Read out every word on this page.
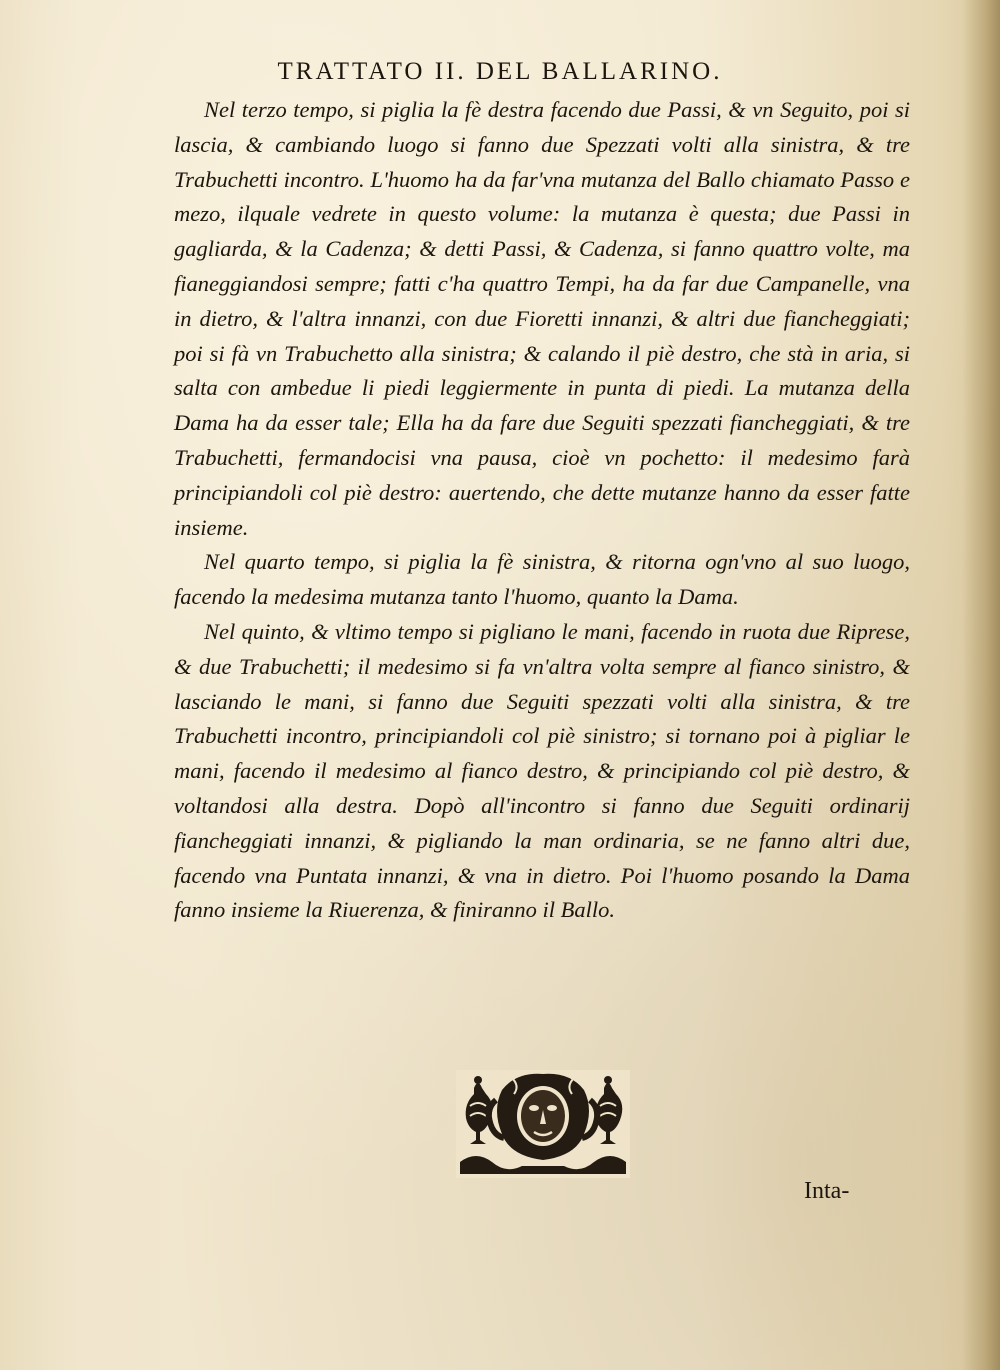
TRATTATO II. DEL BALLARINO.

Nel terzo tempo, si piglia la fè destra facendo due Passi, & vn Seguito, poi si lascia, & cambiando luogo si fanno due Spezzati volti alla sinistra, & tre Trabuchetti incontro. L'huomo ha da far'vna mutanza del Ballo chiamato Passo e mezo, ilquale vedrete in questo volume: la mutanza è questa; due Passi in gagliarda, & la Cadenza; & detti Passi, & Cadenza, si fanno quattro volte, ma fianeggiandosi sempre; fatti c'ha quattro Tempi, ha da far due Campanelle, vna in dietro, & l'altra innanzi, con due Fioretti innanzi, & altri due fiancheggiati; poi si fà vn Trabuchetto alla sinistra; & calando il piè destro, che stà in aria, si salta con ambedue li piedi leggiermente in punta di piedi. La mutanza della Dama ha da esser tale; Ella ha da fare due Seguiti spezzati fiancheggiati, & tre Trabuchetti, fermandocisi vna pausa, cioè vn pochetto: il medesimo farà principiandoli col piè destro: auertendo, che dette mutanze hanno da esser fatte insieme.

Nel quarto tempo, si piglia la fè sinistra, & ritorna ogn'vno al suo luogo, facendo la medesima mutanza tanto l'huomo, quanto la Dama.

Nel quinto, & vltimo tempo si pigliano le mani, facendo in ruota due Riprese, & due Trabuchetti; il medesimo si fa vn'altra volta sempre al fianco sinistro, & lasciando le mani, si fanno due Seguiti spezzati volti alla sinistra, & tre Trabuchetti incontro, principiandoli col piè sinistro; si tornano poi à pigliar le mani, facendo il medesimo al fianco destro, & principiando col piè destro, & voltandosi alla destra. Dopò all'incontro si fanno due Seguiti ordinarij fiancheggiati innanzi, & pigliando la man ordinaria, se ne fanno altri due, facendo vna Puntata innanzi, & vna in dietro. Poi l'huomo posando la Dama fanno insieme la Riuerenza, & finiranno il Ballo.

Inta-
